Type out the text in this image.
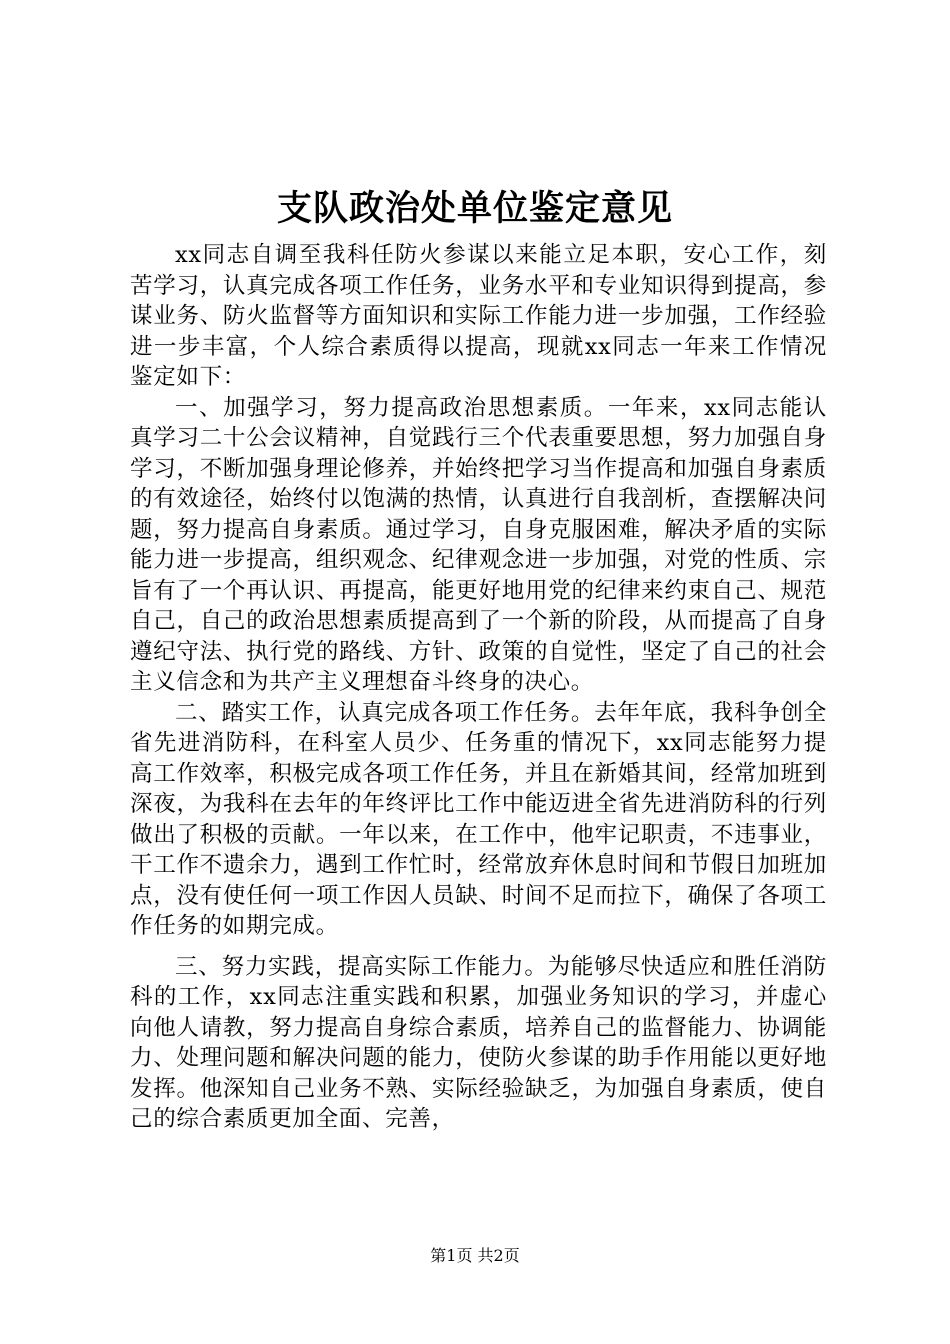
支队政治处单位鉴定意见

xx同志自调至我科任防火参谋以来能立足本职，安心工作，刻苦学习，认真完成各项工作任务，业务水平和专业知识得到提高，参谋业务、防火监督等方面知识和实际工作能力进一步加强，工作经验进一步丰富，个人综合素质得以提高，现就xx同志一年来工作情况鉴定如下：

一、加强学习，努力提高政治思想素质。一年来，xx同志能认真学习二十公会议精神，自觉践行三个代表重要思想，努力加强自身学习，不断加强身理论修养，并始终把学习当作提高和加强自身素质的有效途径，始终付以饱满的热情，认真进行自我剖析，查摆解决问题，努力提高自身素质。通过学习，自身克服困难，解决矛盾的实际能力进一步提高，组织观念、纪律观念进一步加强，对党的性质、宗旨有了一个再认识、再提高，能更好地用党的纪律来约束自己、规范自己，自己的政治思想素质提高到了一个新的阶段，从而提高了自身遵纪守法、执行党的路线、方针、政策的自觉性，坚定了自己的社会主义信念和为共产主义理想奋斗终身的决心。

二、踏实工作，认真完成各项工作任务。去年年底，我科争创全省先进消防科，在科室人员少、任务重的情况下，xx同志能努力提高工作效率，积极完成各项工作任务，并且在新婚其间，经常加班到深夜，为我科在去年的年终评比工作中能迈进全省先进消防科的行列做出了积极的贡献。一年以来，在工作中，他牢记职责，不违事业，干工作不遗余力，遇到工作忙时，经常放弃休息时间和节假日加班加点，没有使任何一项工作因人员缺、时间不足而拉下，确保了各项工作任务的如期完成。

三、努力实践，提高实际工作能力。为能够尽快适应和胜任消防科的工作，xx同志注重实践和积累，加强业务知识的学习，并虚心向他人请教，努力提高自身综合素质，培养自己的监督能力、协调能力、处理问题和解决问题的能力，使防火参谋的助手作用能以更好地发挥。他深知自己业务不熟、实际经验缺乏，为加强自身素质，使自己的综合素质更加全面、完善，

第1页 共2页
